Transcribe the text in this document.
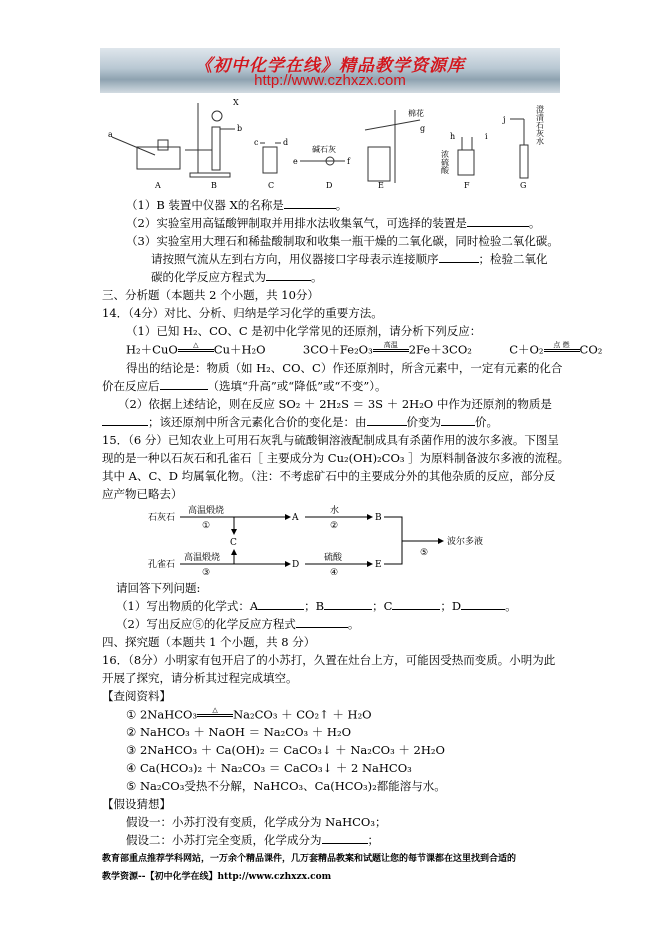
《初中化学在线》精品教学资源库
http://www.czhxzx.com
A	B	C	D	E	F	G
a
b
c	d
e	f
g
h	i
j
X
碱石灰
棉花
浓硫酸
澄清石灰水
（1）B 装置中仪器 X的名称是	。
（2）实验室用高锰酸钾制取并用排水法收集氧气，可选择的装置是	。
（3）实验室用大理石和稀盐酸制取和收集一瓶干燥的二氧化碳，同时检验二氧化碳。
请按照气流从左到右方向，用仪器接口字母表示连接顺序	；检验二氧化
碳的化学反应方程式为	。
三、分析题（本题共 2 个小题，共 10分）
14．（4分）对比、分析、归纳是学习化学的重要方法。
（1）已知 H₂、CO、C 是初中化学常见的还原剂，请分析下列反应：
H₂＋CuO △ Cu＋H₂O	3CO＋Fe₂O₃ 高温 2Fe＋3CO₂	C＋O₂ 点 燃 CO₂
得出的结论是：物质（如 H₂、CO、C）作还原剂时，所含元素中，一定有元素的化合
价在反应后	（选填“升高”或“降低”或“不变”）。
（2）依据上述结论，则在反应 SO₂ ＋ 2H₂S ＝ 3S ＋ 2H₂O 中作为还原剂的物质是
；该还原剂中所含元素化合价的变化是：由	价变为	价。
15．（6 分）已知农业上可用石灰乳与硫酸铜溶液配制成具有杀菌作用的波尔多液。下图呈
现的是一种以石灰石和孔雀石［ 主要成分为 Cu₂(OH)₂CO₃ ］为原料制备波尔多液的流程。
其中 A、C、D 均属氧化物。（注：不考虑矿石中的主要成分外的其他杂质的反应，部分反
应产物已略去）
石灰石
孔雀石
高温煅烧
高温煅烧
①
③
A
D
C
水
②
硫酸
④
B
E
⑤
波尔多液
请回答下列问题:
（1）写出物质的化学式：A	；B	；C	；D	。
（2）写出反应⑤的化学反应方程式	。
四、探究题（本题共 1 个小题，共 8 分）
16．（8分）小明家有包开启了的小苏打，久置在灶台上方，可能因受热而变质。小明为此
开展了探究，请分析其过程完成填空。
【查阅资料】
① 2NaHCO₃ △ Na₂CO₃ ＋ CO₂↑ ＋ H₂O
② NaHCO₃ ＋ NaOH ＝ Na₂CO₃ ＋ H₂O
③ 2NaHCO₃ ＋ Ca(OH)₂ ＝ CaCO₃↓ ＋ Na₂CO₃ ＋ 2H₂O
④ Ca(HCO₃)₂ ＋ Na₂CO₃ ＝ CaCO₃↓ ＋ 2 NaHCO₃
⑤ Na₂CO₃受热不分解，NaHCO₃、Ca(HCO₃)₂都能溶与水。
【假设猜想】
假设一：小苏打没有变质，化学成分为 NaHCO₃；
假设二：小苏打完全变质，化学成分为	；
教育部重点推荐学科网站，一万余个精品课件，几万套精品教案和试题让您的每节课都在这里找到合适的
教学资源--【初中化学在线】http://www.czhxzx.com
